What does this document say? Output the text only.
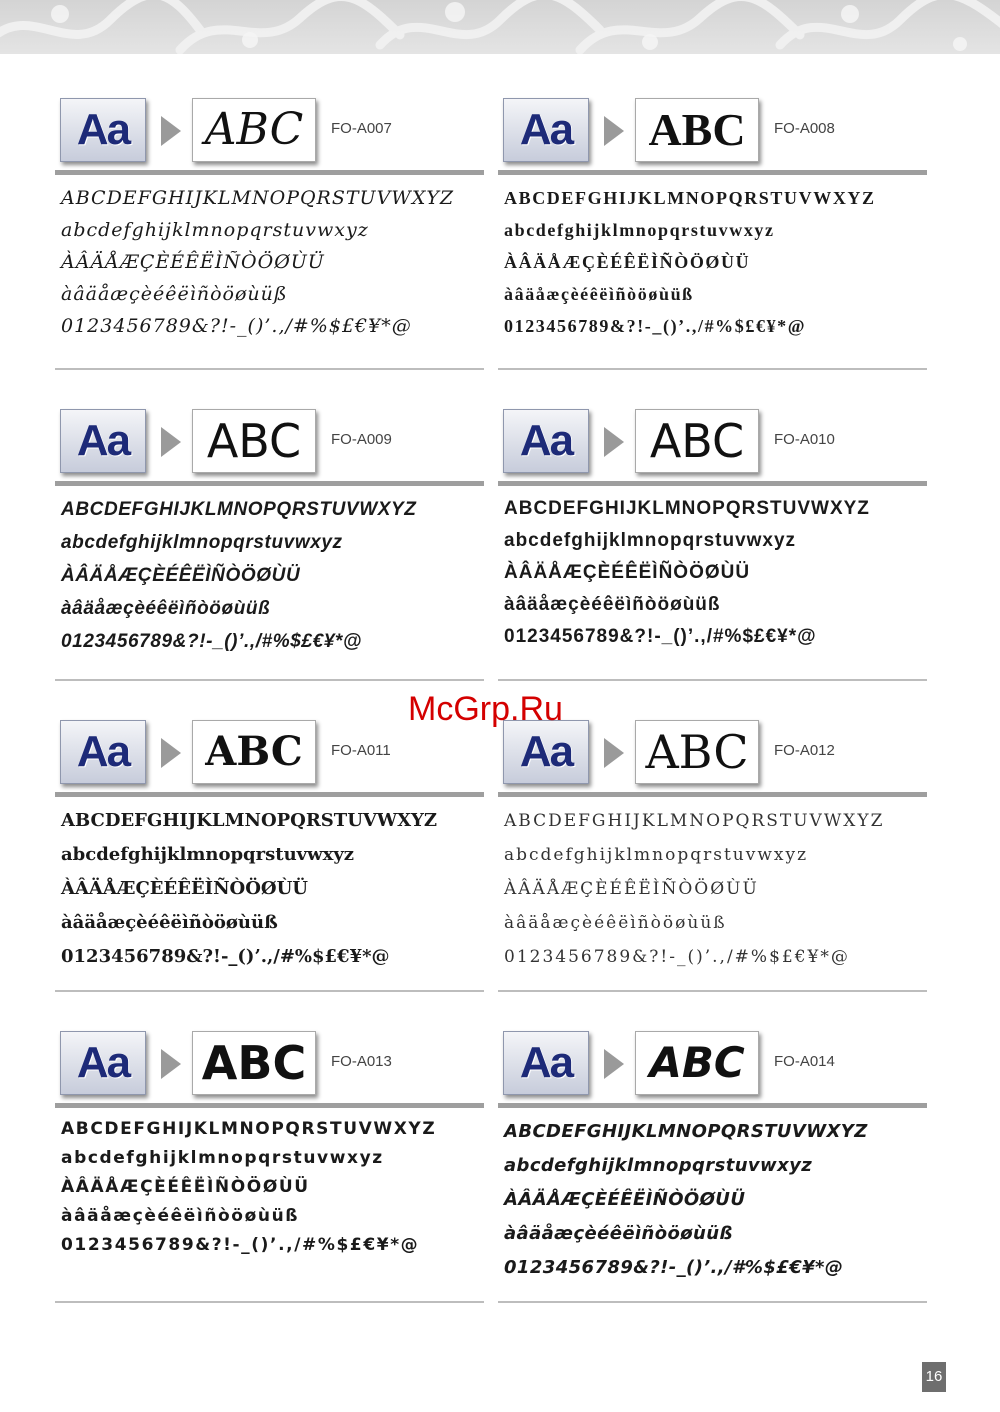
Aa	ABC	FO-A007
ABCDEFGHIJKLMNOPQRSTUVWXYZ
abcdefghijklmnopqrstuvwxyz
ÀÂÄÅÆÇÈÉÊËÌÑÒÖØÙÜ
àâäåæçèéêëìñòöøùüß
0123456789&?!-_()’.,/#%$£€¥*@
Aa	ABC	FO-A008
ABCDEFGHIJKLMNOPQRSTUVWXYZ
abcdefghijklmnopqrstuvwxyz
ÀÂÄÅÆÇÈÉÊËÌÑÒÖØÙÜ
àâäåæçèéêëìñòöøùüß
0123456789&?!-_()’.,/#%$£€¥*@
Aa	ABC	FO-A009
ABCDEFGHIJKLMNOPQRSTUVWXYZ
abcdefghijklmnopqrstuvwxyz
ÀÂÄÅÆÇÈÉÊËÌÑÒÖØÙÜ
àâäåæçèéêëìñòöøùüß
0123456789&?!-_()’.,/#%$£€¥*@
Aa	ABC	FO-A010
ABCDEFGHIJKLMNOPQRSTUVWXYZ
abcdefghijklmnopqrstuvwxyz
ÀÂÄÅÆÇÈÉÊËÌÑÒÖØÙÜ
àâäåæçèéêëìñòöøùüß
0123456789&?!-_()’.,/#%$£€¥*@
Aa	ABC	FO-A011
ABCDEFGHIJKLMNOPQRSTUVWXYZ
abcdefghijklmnopqrstuvwxyz
ÀÂÄÅÆÇÈÉÊËÌÑÒÖØÙÜ
àâäåæçèéêëìñòöøùüß
0123456789&?!-_()’.,/#%$£€¥*@
Aa	ABC	FO-A012
ABCDEFGHIJKLMNOPQRSTUVWXYZ
abcdefghijklmnopqrstuvwxyz
ÀÂÄÅÆÇÈÉÊËÌÑÒÖØÙÜ
àâäåæçèéêëìñòöøùüß
0123456789&?!-_()’.,/#%$£€¥*@
Aa	ABC	FO-A013
ABCDEFGHIJKLMNOPQRSTUVWXYZ
abcdefghijklmnopqrstuvwxyz
ÀÂÄÅÆÇÈÉÊËÌÑÒÖØÙÜ
àâäåæçèéêëìñòöøùüß
0123456789&?!-_()’.,/#%$£€¥*@
Aa	ABC	FO-A014
ABCDEFGHIJKLMNOPQRSTUVWXYZ
abcdefghijklmnopqrstuvwxyz
ÀÂÄÅÆÇÈÉÊËÌÑÒÖØÙÜ
àâäåæçèéêëìñòöøùüß
0123456789&?!-_()’.,/#%$£€¥*@
McGrp.Ru
16
